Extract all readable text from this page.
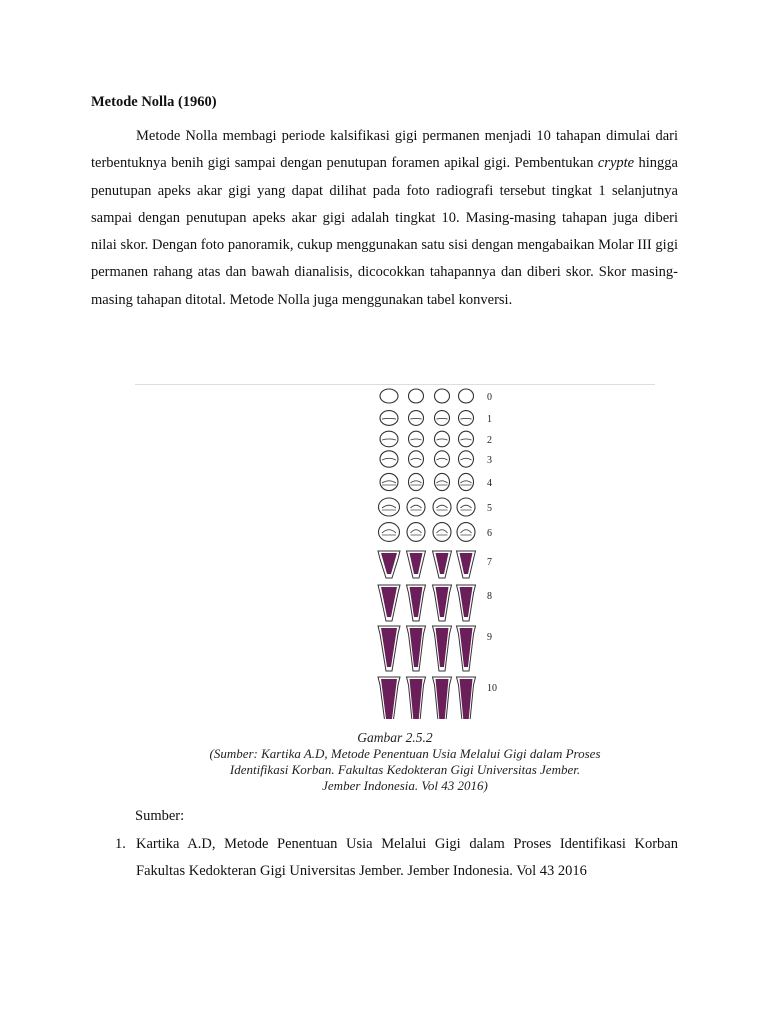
Metode Nolla (1960)

Metode Nolla membagi periode kalsifikasi gigi permanen menjadi 10 tahapan dimulai dari terbentuknya benih gigi sampai dengan penutupan foramen apikal gigi. Pembentukan crypte hingga penutupan apeks akar gigi yang dapat dilihat pada foto radiografi tersebut tingkat 1 selanjutnya sampai dengan penutupan apeks akar gigi adalah tingkat 10. Masing-masing tahapan juga diberi nilai skor. Dengan foto panoramik, cukup menggunakan satu sisi dengan mengabaikan Molar III gigi permanen rahang atas dan bawah dianalisis, dicocokkan tahapannya dan diberi skor. Skor masing-masing tahapan ditotal. Metode Nolla juga menggunakan tabel konversi.

0
1
2
3
4
5
6
7
8
9
10
Gambar 2.5.2
(Sumber: Kartika A.D, Metode Penentuan Usia Melalui Gigi dalam Proses
Identifikasi Korban. Fakultas Kedokteran Gigi Universitas Jember.
Jember Indonesia. Vol 43 2016)
Sumber:
1. Kartika A.D, Metode Penentuan Usia Melalui Gigi dalam Proses Identifikasi Korban Fakultas Kedokteran Gigi Universitas Jember. Jember Indonesia. Vol 43 2016
